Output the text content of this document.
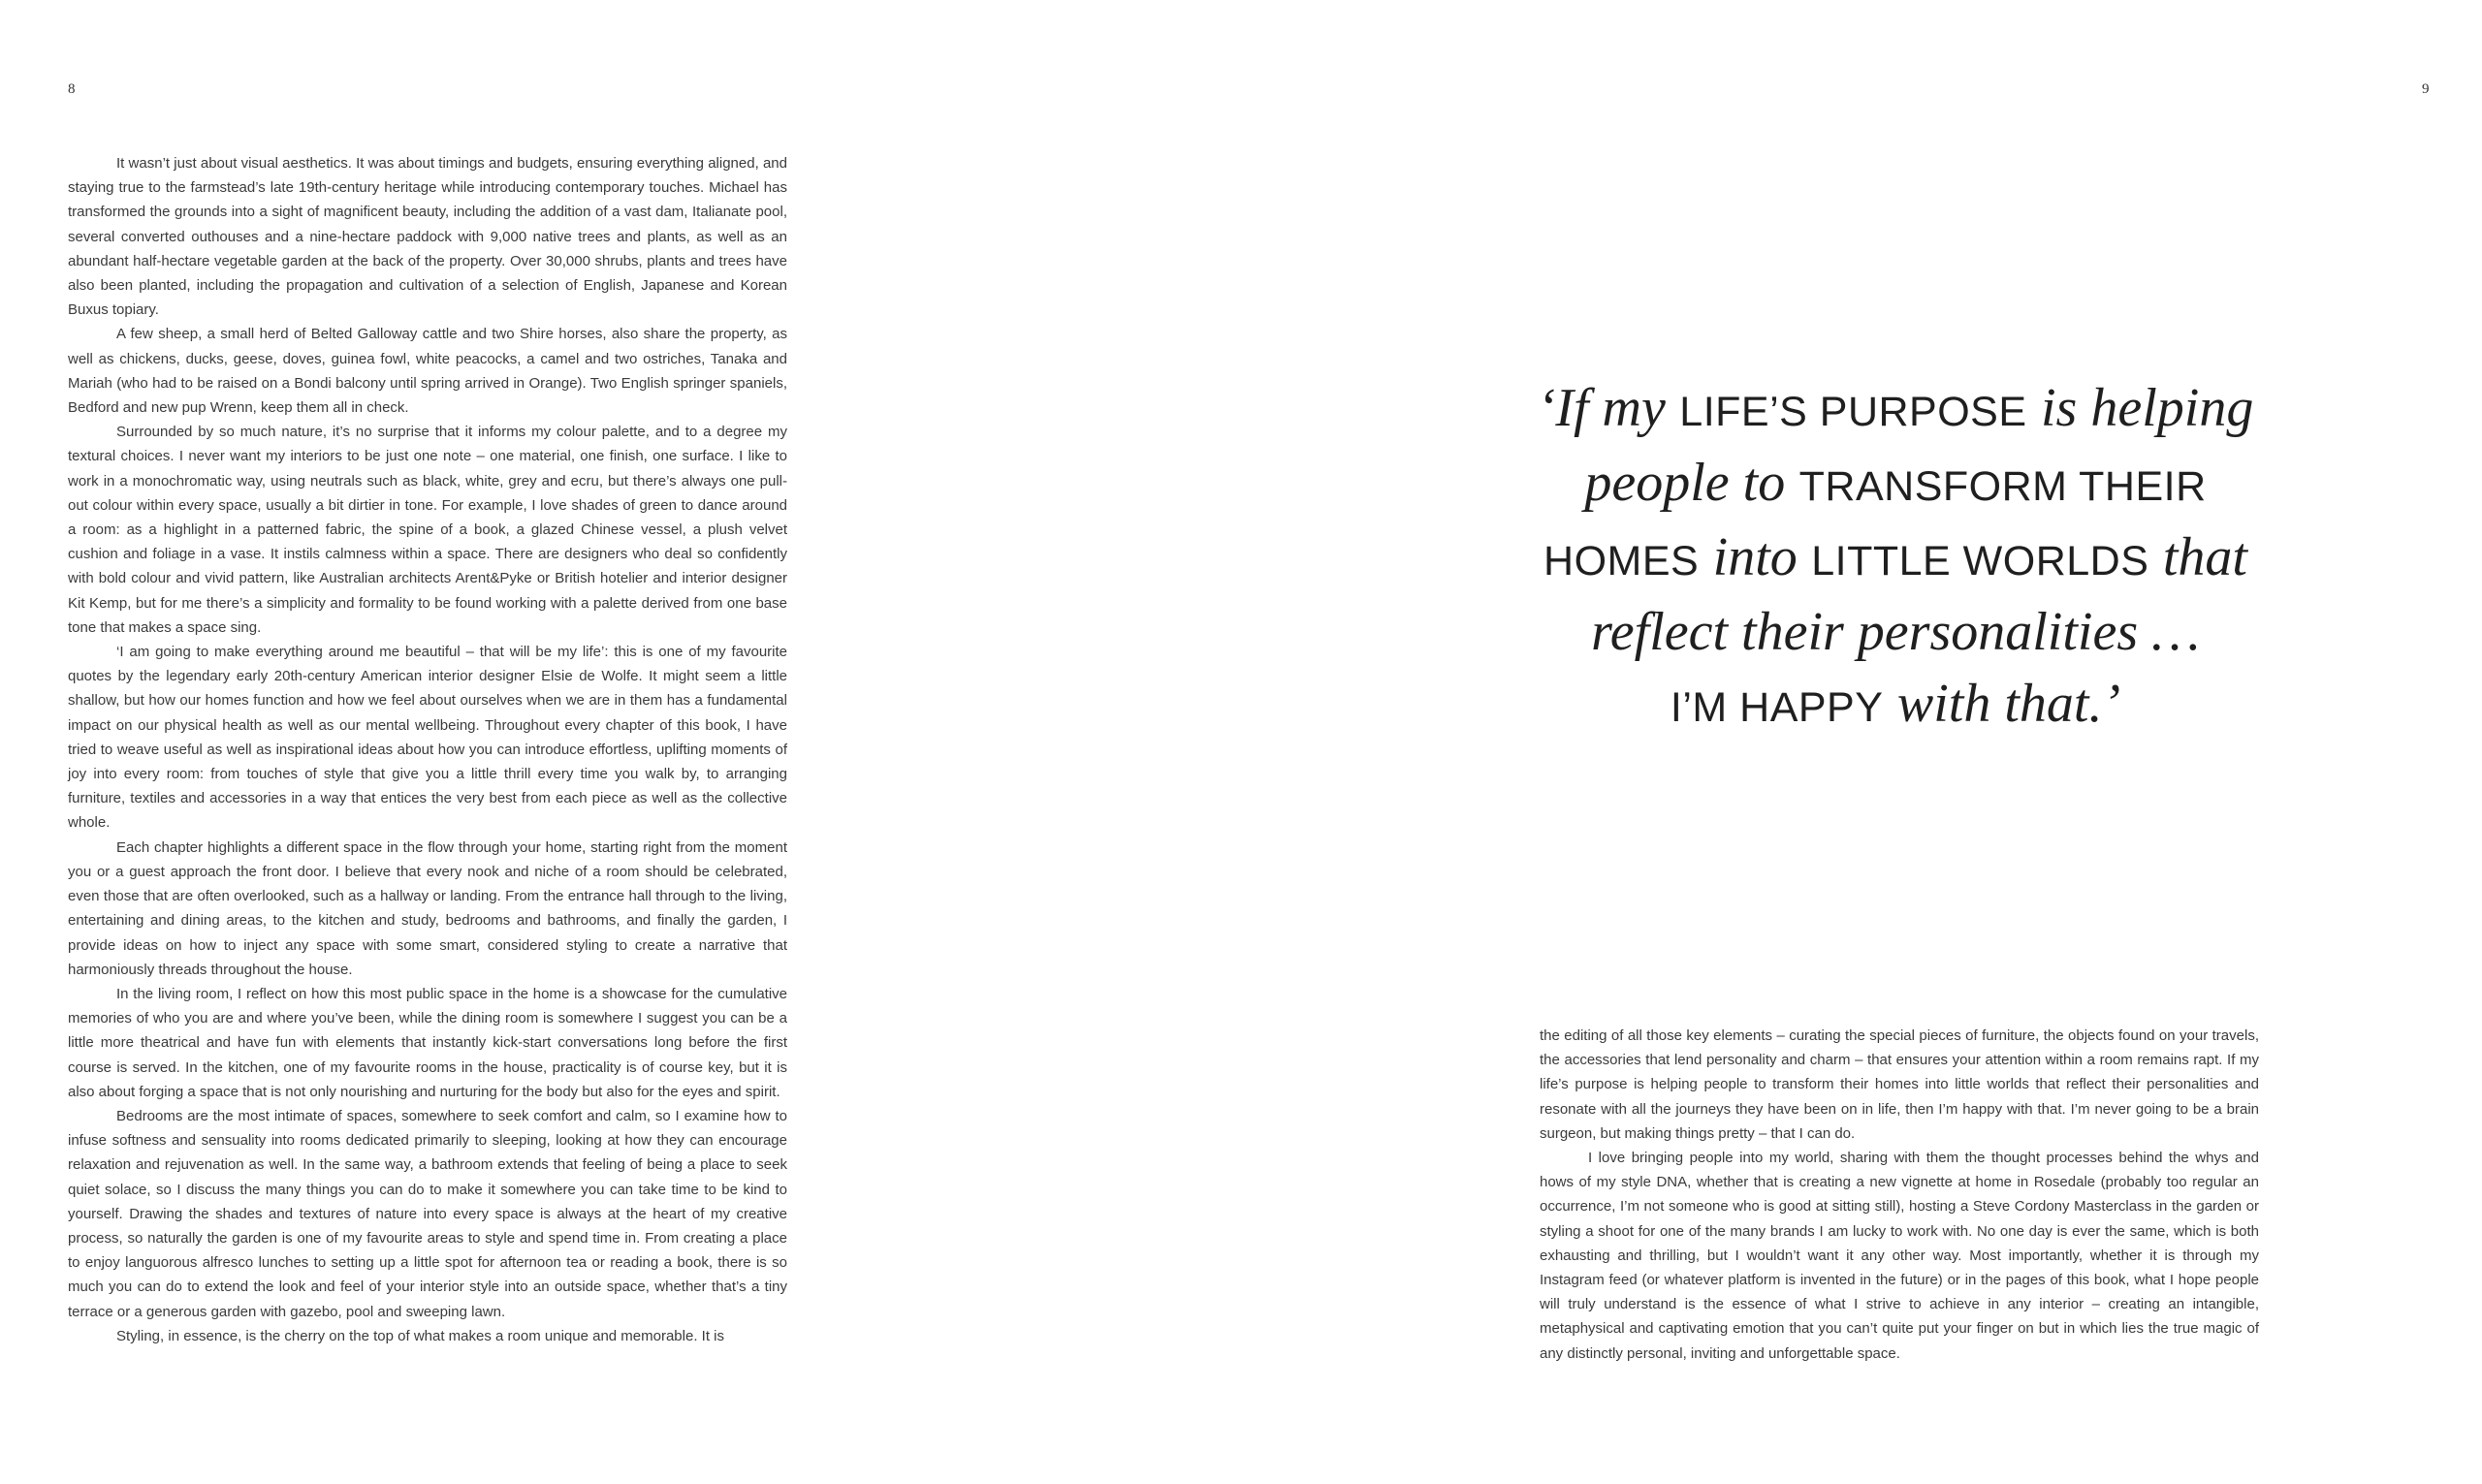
8	9

It wasn’t just about visual aesthetics. It was about timings and budgets, ensuring everything aligned, and staying true to the farmstead’s late 19th-century heritage while introducing contemporary touches. Michael has transformed the grounds into a sight of magnificent beauty, including the addition of a vast dam, Italianate pool, several converted outhouses and a nine-hectare paddock with 9,000 native trees and plants, as well as an abundant half-hectare vegetable garden at the back of the property. Over 30,000 shrubs, plants and trees have also been planted, including the propagation and cultivation of a selection of English, Japanese and Korean Buxus topiary.

A few sheep, a small herd of Belted Galloway cattle and two Shire horses, also share the property, as well as chickens, ducks, geese, doves, guinea fowl, white peacocks, a camel and two ostriches, Tanaka and Mariah (who had to be raised on a Bondi balcony until spring arrived in Orange). Two English springer spaniels, Bedford and new pup Wrenn, keep them all in check.

Surrounded by so much nature, it’s no surprise that it informs my colour palette, and to a degree my textural choices. I never want my interiors to be just one note – one material, one finish, one surface. I like to work in a monochromatic way, using neutrals such as black, white, grey and ecru, but there’s always one pull-out colour within every space, usually a bit dirtier in tone. For example, I love shades of green to dance around a room: as a highlight in a patterned fabric, the spine of a book, a glazed Chinese vessel, a plush velvet cushion and foliage in a vase. It instils calmness within a space. There are designers who deal so confidently with bold colour and vivid pattern, like Australian architects Arent&Pyke or British hotelier and interior designer Kit Kemp, but for me there’s a simplicity and formality to be found working with a palette derived from one base tone that makes a space sing.

‘I am going to make everything around me beautiful – that will be my life’: this is one of my favourite quotes by the legendary early 20th-century American interior designer Elsie de Wolfe. It might seem a little shallow, but how our homes function and how we feel about ourselves when we are in them has a fundamental impact on our physical health as well as our mental wellbeing. Throughout every chapter of this book, I have tried to weave useful as well as inspirational ideas about how you can introduce effortless, uplifting moments of joy into every room: from touches of style that give you a little thrill every time you walk by, to arranging furniture, textiles and accessories in a way that entices the very best from each piece as well as the collective whole.

Each chapter highlights a different space in the flow through your home, starting right from the moment you or a guest approach the front door. I believe that every nook and niche of a room should be celebrated, even those that are often overlooked, such as a hallway or landing. From the entrance hall through to the living, entertaining and dining areas, to the kitchen and study, bedrooms and bathrooms, and finally the garden, I provide ideas on how to inject any space with some smart, considered styling to create a narrative that harmoniously threads throughout the house.

In the living room, I reflect on how this most public space in the home is a showcase for the cumulative memories of who you are and where you’ve been, while the dining room is somewhere I suggest you can be a little more theatrical and have fun with elements that instantly kick-start conversations long before the first course is served. In the kitchen, one of my favourite rooms in the house, practicality is of course key, but it is also about forging a space that is not only nourishing and nurturing for the body but also for the eyes and spirit.

Bedrooms are the most intimate of spaces, somewhere to seek comfort and calm, so I examine how to infuse softness and sensuality into rooms dedicated primarily to sleeping, looking at how they can encourage relaxation and rejuvenation as well. In the same way, a bathroom extends that feeling of being a place to seek quiet solace, so I discuss the many things you can do to make it somewhere you can take time to be kind to yourself. Drawing the shades and textures of nature into every space is always at the heart of my creative process, so naturally the garden is one of my favourite areas to style and spend time in. From creating a place to enjoy languorous alfresco lunches to setting up a little spot for afternoon tea or reading a book, there is so much you can do to extend the look and feel of your interior style into an outside space, whether that’s a tiny terrace or a generous garden with gazebo, pool and sweeping lawn.

Styling, in essence, is the cherry on the top of what makes a room unique and memorable. It is

‘If my LIFE’S PURPOSE is helping
people to TRANSFORM THEIR
HOMES into LITTLE WORLDS that
reflect their personalities …
I’M HAPPY with that.’

the editing of all those key elements – curating the special pieces of furniture, the objects found on your travels, the accessories that lend personality and charm – that ensures your attention within a room remains rapt. If my life’s purpose is helping people to transform their homes into little worlds that reflect their personalities and resonate with all the journeys they have been on in life, then I’m happy with that. I’m never going to be a brain surgeon, but making things pretty – that I can do.

I love bringing people into my world, sharing with them the thought processes behind the whys and hows of my style DNA, whether that is creating a new vignette at home in Rosedale (probably too regular an occurrence, I’m not someone who is good at sitting still), hosting a Steve Cordony Masterclass in the garden or styling a shoot for one of the many brands I am lucky to work with. No one day is ever the same, which is both exhausting and thrilling, but I wouldn’t want it any other way. Most importantly, whether it is through my Instagram feed (or whatever platform is invented in the future) or in the pages of this book, what I hope people will truly understand is the essence of what I strive to achieve in any interior – creating an intangible, metaphysical and captivating emotion that you can’t quite put your finger on but in which lies the true magic of any distinctly personal, inviting and unforgettable space.
